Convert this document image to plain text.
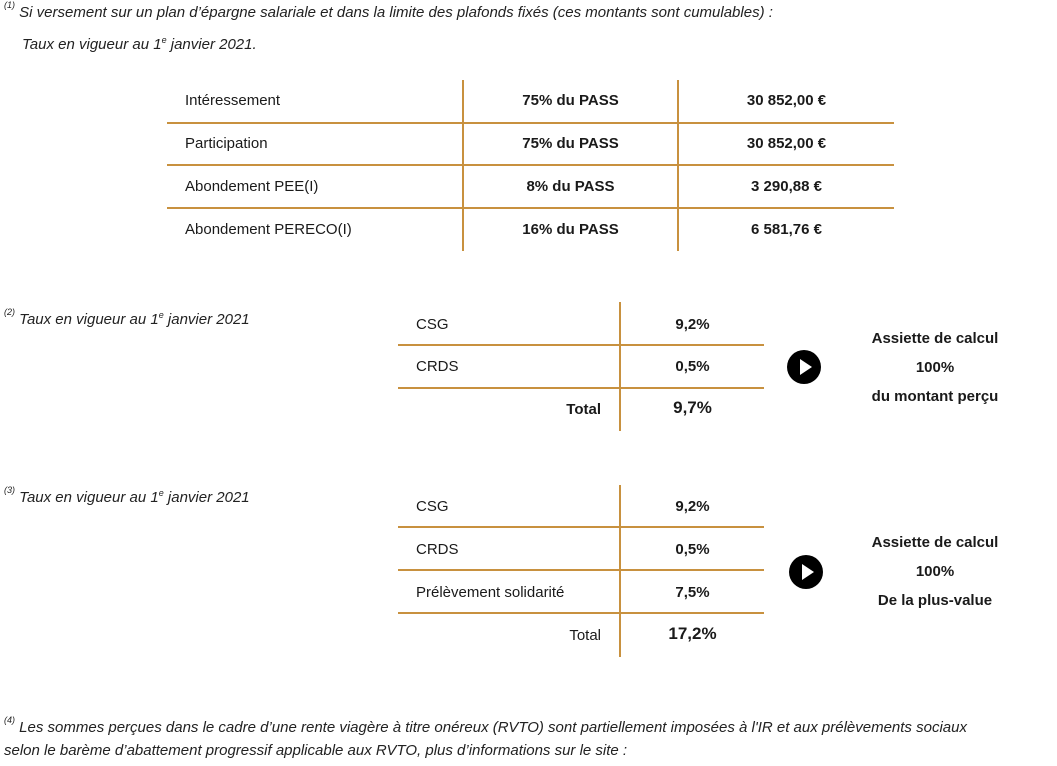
$^{(1)}$ Si versement sur un plan d’épargne salariale et dans la limite des plafonds fixés (ces montants sont cumulables) :
Taux en vigueur au 1e janvier 2021.
Intéressement	75% du PASS	30 852,00 €
Participation	75% du PASS	30 852,00 €
Abondement PEE(I)	8% du PASS	3 290,88 €
Abondement PERECO(I)	16% du PASS	6 581,76 €
$^{(2)}$ Taux en vigueur au 1e janvier 2021	CSG	9,2%
CRDS	0,5%
Total	9,7%
Assiette de calcul
100%
du montant perçu
$^{(3)}$ Taux en vigueur au 1e janvier 2021
CSG	9,2%
CRDS	0,5%
Prélèvement solidarité	7,5%
Total	17,2%
Assiette de calcul
100%
De la plus-value
$^{(4)}$ Les sommes perçues dans le cadre d’une rente viagère à titre onéreux (RVTO) sont partiellement imposées à l'IR et aux prélèvements sociaux
selon le barème d’abattement progressif applicable aux RVTO, plus d’informations sur le site :
